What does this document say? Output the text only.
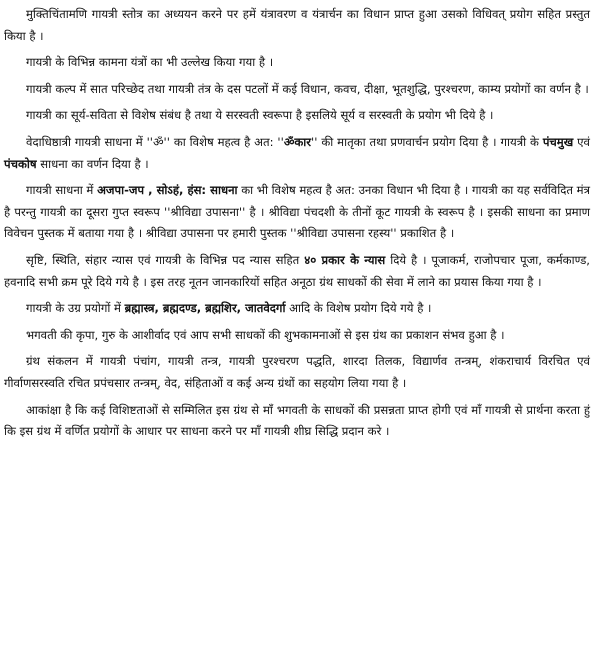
मुक्तिचिंतामणि गायत्री स्तोत्र का अध्ययन करने पर हमें यंत्रावरण व यंत्रार्चन का विधान प्राप्त हुआ उसको विधिवत् प्रयोग सहित प्रस्तुत किया है ।

गायत्री के विभिन्न कामना यंत्रों का भी उल्लेख किया गया है ।

गायत्री कल्प में सात परिच्छेद तथा गायत्री तंत्र के दस पटलों में कई विधान, कवच, दीक्षा, भूतशुद्धि, पुरश्चरण, काम्य प्रयोगों का वर्णन है ।

गायत्री का सूर्य-सविता से विशेष संबंध है तथा ये सरस्वती स्वरूपा है इसलिये सूर्य व सरस्वती के प्रयोग भी दिये है ।

वेदाधिष्ठात्री गायत्री साधना में ''ॐ'' का विशेष महत्व है अत: ''ॐकार'' की मातृका तथा प्रणवार्चन प्रयोग दिया है । गायत्री के पंचमुख एवं पंचकोष साधना का वर्णन दिया है ।

गायत्री साधना में अजपा-जप , सोऽहं, हंस: साधना का भी विशेष महत्व है अत: उनका विधान भी दिया है । गायत्री का यह सर्वविदित मंत्र है परन्तु गायत्री का दूसरा गुप्त स्वरूप ''श्रीविद्या उपासना'' है । श्रीविद्या पंचदशी के तीनों कूट गायत्री के स्वरूप है । इसकी साधना का प्रमाण विवेचन पुस्तक में बताया गया है । श्रीविद्या उपासना पर हमारी पुस्तक ''श्रीविद्या उपासना रहस्य'' प्रकाशित है ।

सृष्टि, स्थिति, संहार न्यास एवं गायत्री के विभिन्न पद न्यास सहित ४० प्रकार के न्यास दिये है । पूजाकर्म, राजोपचार पूजा, कर्मकाण्ड, हवनादि सभी क्रम पूरे दिये गये है । इस तरह नूतन जानकारियों सहित अनूठा ग्रंथ साधकों की सेवा में लाने का प्रयास किया गया है ।

गायत्री के उग्र प्रयोगों में ब्रह्मास्त्र, ब्रह्मदण्ड, ब्रह्मशिर, जातवेदर्गा आदि के विशेष प्रयोग दिये गये है ।

भगवती की कृपा, गुरु के आशीर्वाद एवं आप सभी साधकों की शुभकामनाओं से इस ग्रंथ का प्रकाशन संभव हुआ है ।

ग्रंथ संकलन में गायत्री पंचांग, गायत्री तन्त्र, गायत्री पुरश्चरण पद्धति, शारदा तिलक, विद्यार्णव तन्त्रम्, शंकराचार्य विरचित एवं गीर्वाणसरस्वति रचित प्रपंचसार तन्त्रम्, वेद, संहिताओं व कई अन्य ग्रंथों का सहयोग लिया गया है ।

आकांक्षा है कि कई विशिष्टताओं से सम्मिलित इस ग्रंथ से माँ भगवती के साधकों की प्रसन्नता प्राप्त होगी एवं माँ गायत्री से प्रार्थना करता हुं कि इस ग्रंथ में वर्णित प्रयोगों के आधार पर साधना करने पर माँ गायत्री शीघ्र सिद्धि प्रदान करे ।
